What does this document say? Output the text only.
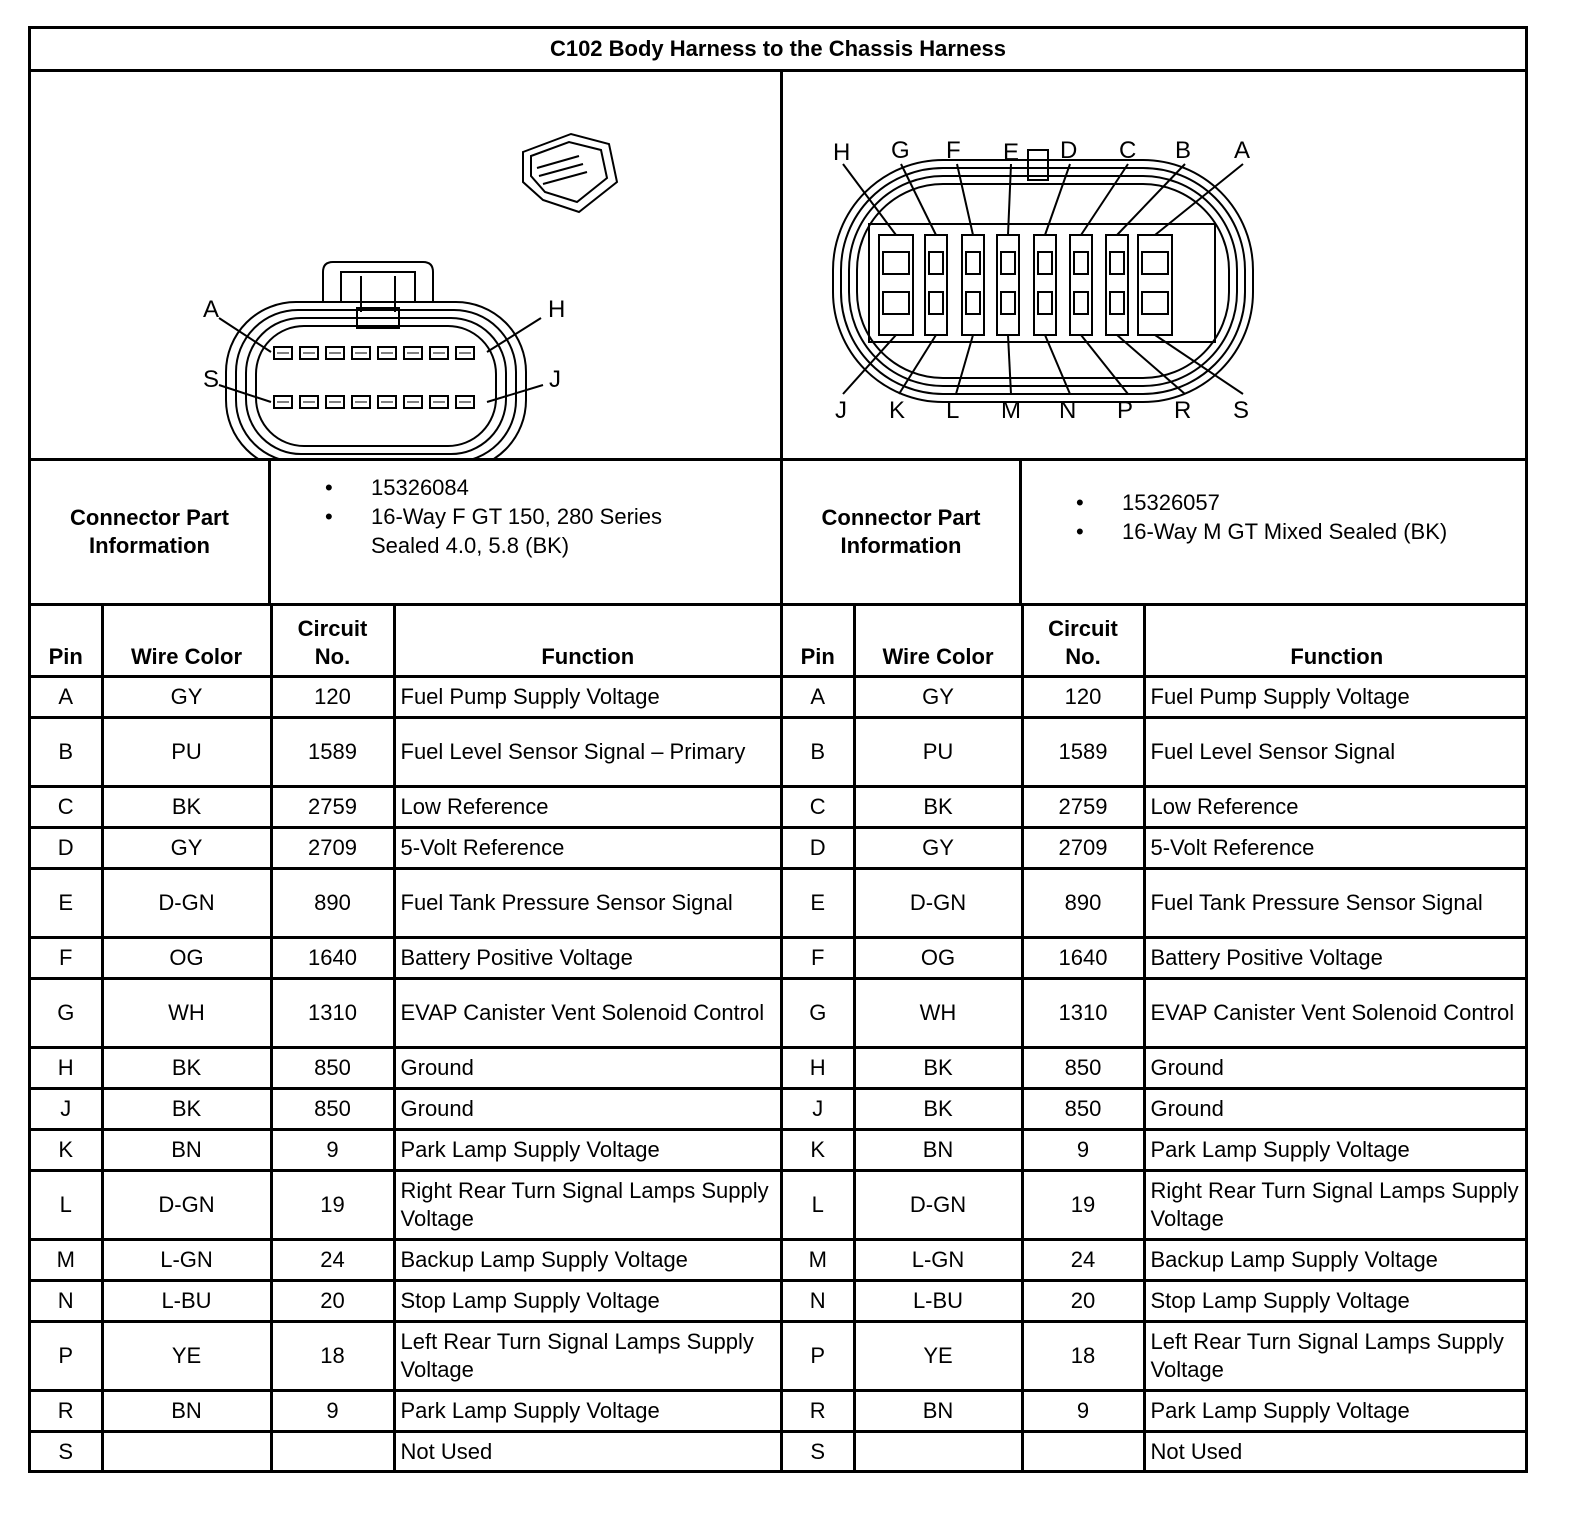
C102 Body Harness to the Chassis Harness
A	H
S	J
H G F E D C B A
J K L M N P R S
Connector Part
Information
• 15326084
• 16-Way F GT 150, 280 Series Sealed 4.0, 5.8 (BK)
Connector Part
Information
• 15326057
• 16-Way M GT Mixed Sealed (BK)
Pin	Wire Color	Circuit
No.	Function
A	GY	120	Fuel Pump Supply Voltage
B	PU	1589	Fuel Level Sensor Signal – Primary
C	BK	2759	Low Reference
D	GY	2709	5-Volt Reference
E	D-GN	890	Fuel Tank Pressure Sensor Signal
F	OG	1640	Battery Positive Voltage
G	WH	1310	EVAP Canister Vent Solenoid Control
H	BK	850	Ground
J	BK	850	Ground
K	BN	9	Park Lamp Supply Voltage
L	D-GN	19	Right Rear Turn Signal Lamps Supply Voltage
M	L-GN	24	Backup Lamp Supply Voltage
N	L-BU	20	Stop Lamp Supply Voltage
P	YE	18	Left Rear Turn Signal Lamps Supply Voltage
R	BN	9	Park Lamp Supply Voltage
S			Not Used
Pin	Wire Color	Circuit
No.	Function
A	GY	120	Fuel Pump Supply Voltage
B	PU	1589	Fuel Level Sensor Signal
C	BK	2759	Low Reference
D	GY	2709	5-Volt Reference
E	D-GN	890	Fuel Tank Pressure Sensor Signal
F	OG	1640	Battery Positive Voltage
G	WH	1310	EVAP Canister Vent Solenoid Control
H	BK	850	Ground
J	BK	850	Ground
K	BN	9	Park Lamp Supply Voltage
L	D-GN	19	Right Rear Turn Signal Lamps Supply Voltage
M	L-GN	24	Backup Lamp Supply Voltage
N	L-BU	20	Stop Lamp Supply Voltage
P	YE	18	Left Rear Turn Signal Lamps Supply Voltage
R	BN	9	Park Lamp Supply Voltage
S			Not Used
